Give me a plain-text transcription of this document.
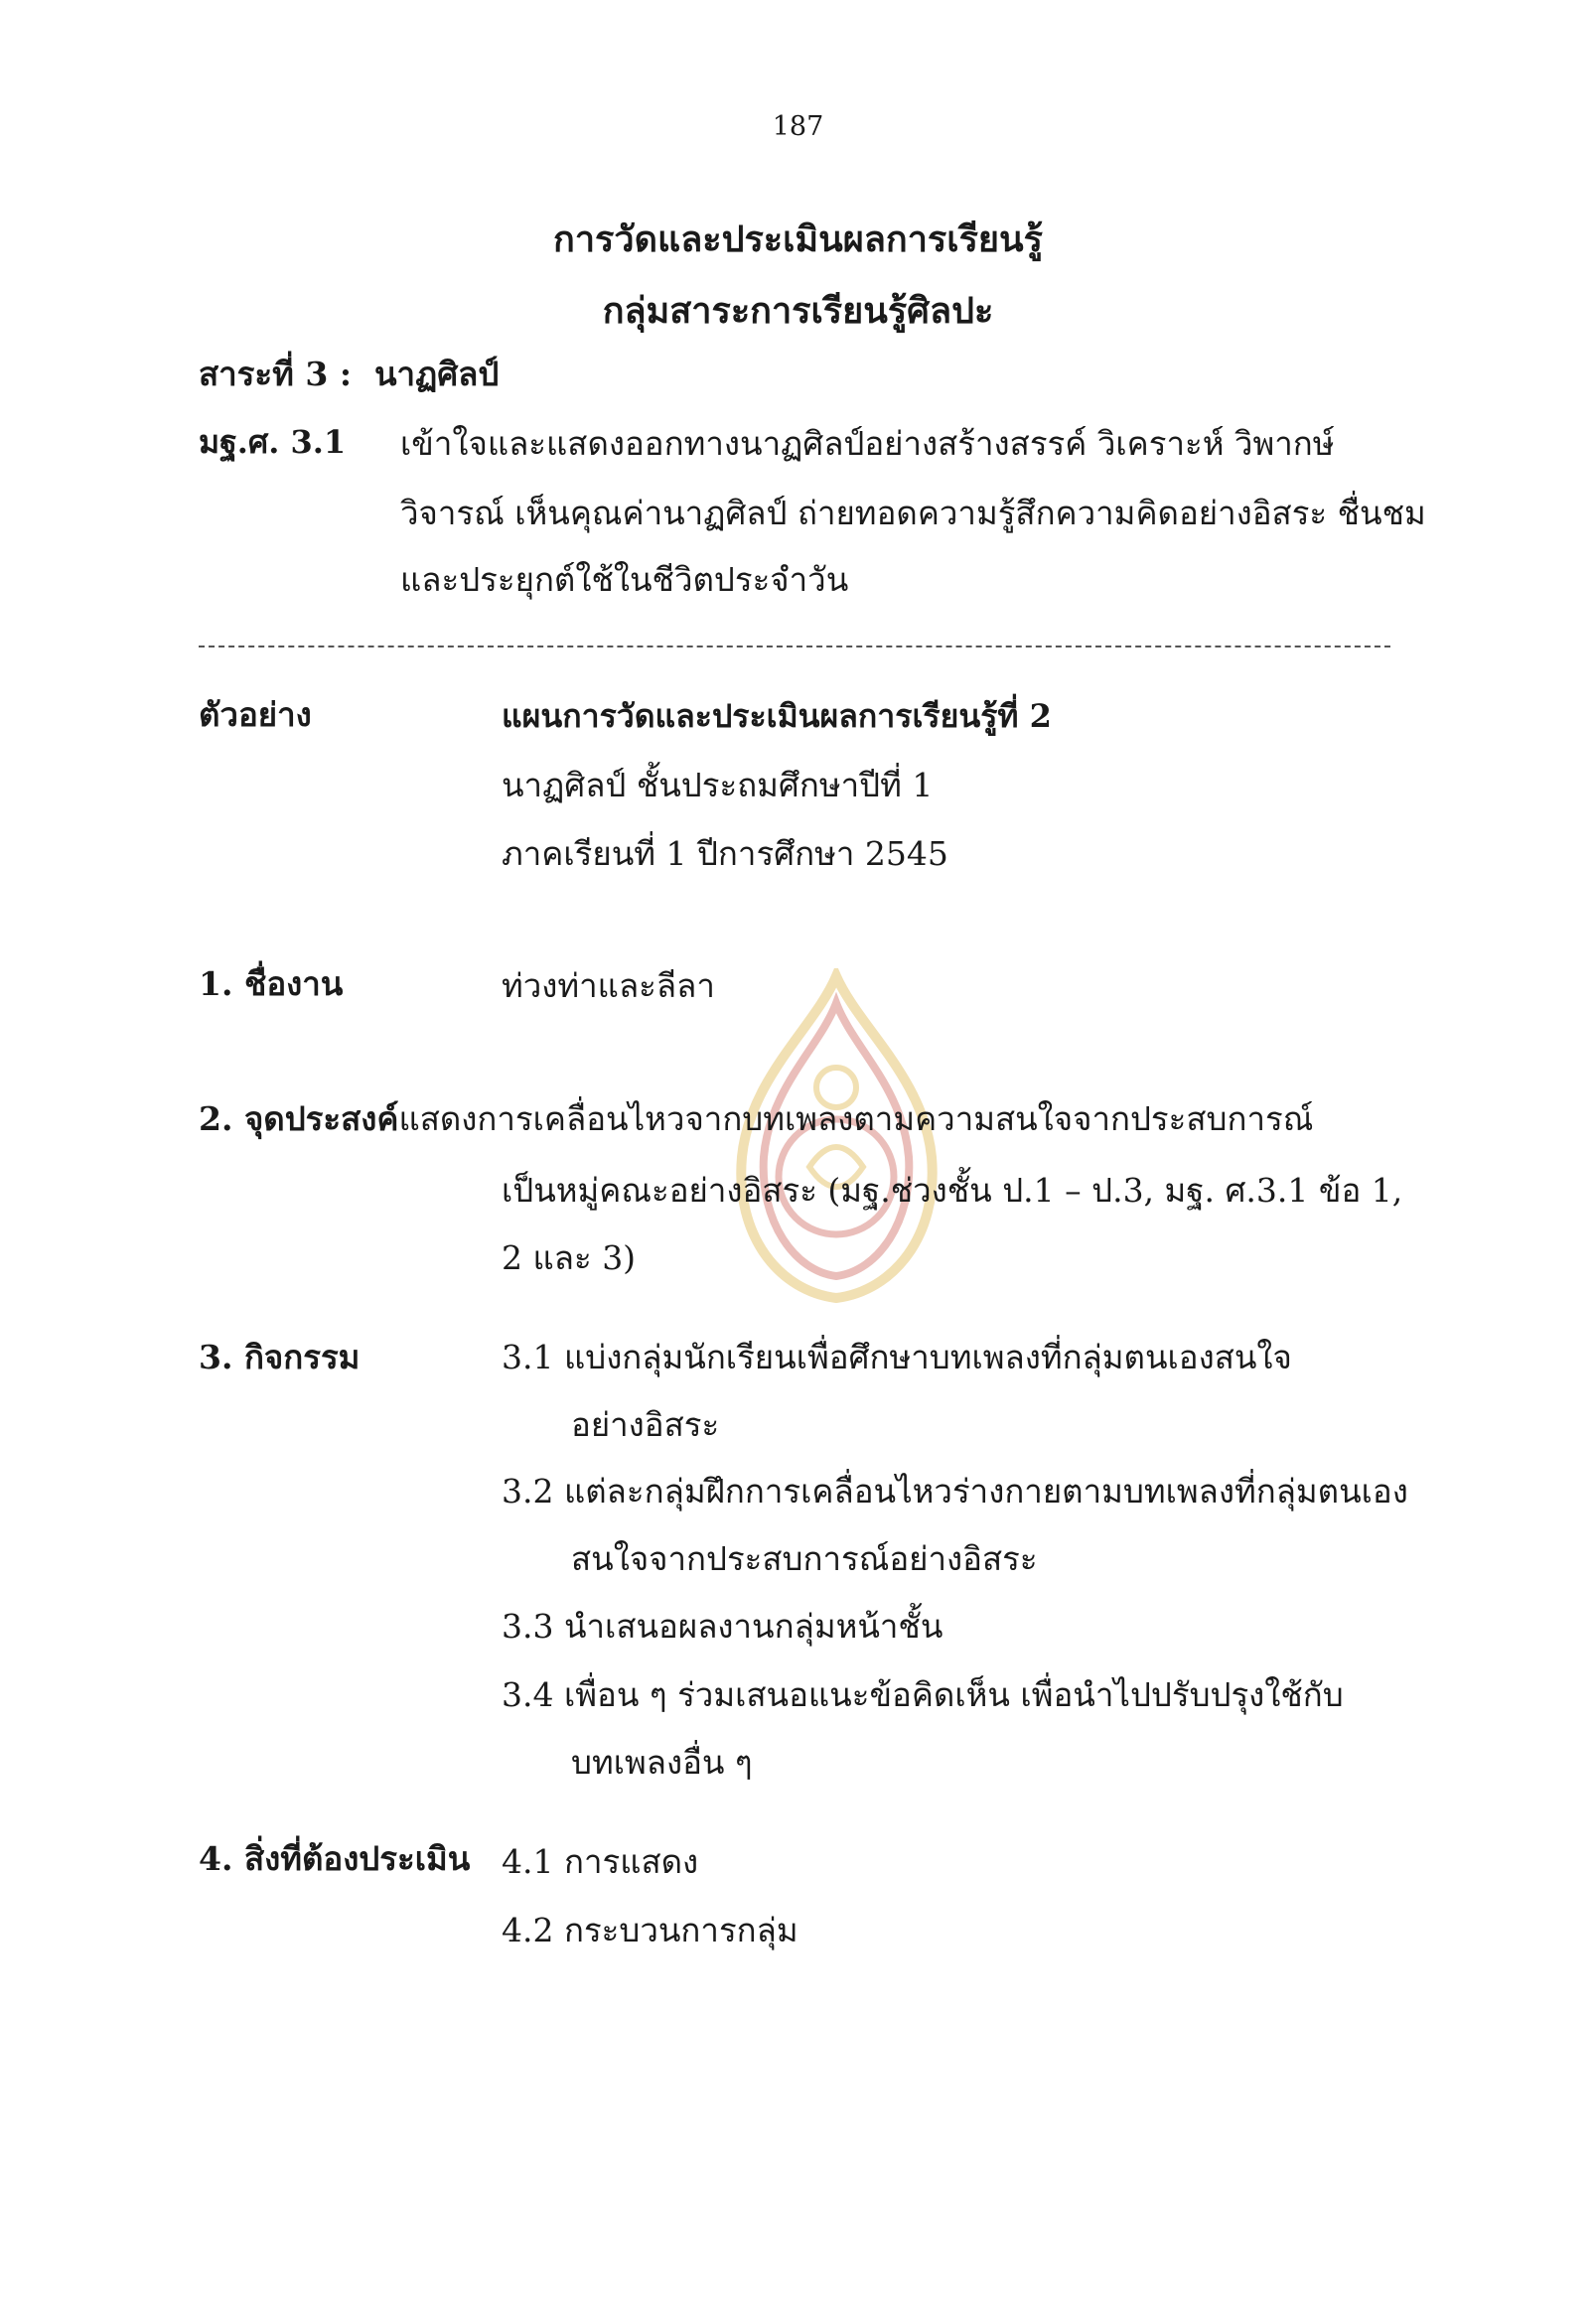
187
การวัดและประเมินผลการเรียนรู้
กลุ่มสาระการเรียนรู้ศิลปะ
สาระที่ 3 : นาฏศิลป์
มฐ.ศ. 3.1 เข้าใจและแสดงออกทางนาฏศิลป์อย่างสร้างสรรค์ วิเคราะห์ วิพากษ์
วิจารณ์ เห็นคุณค่านาฏศิลป์ ถ่ายทอดความรู้สึกความคิดอย่างอิสระ ชื่นชม
และประยุกต์ใช้ในชีวิตประจำวัน
ตัวอย่าง	แผนการวัดและประเมินผลการเรียนรู้ที่ 2
นาฏศิลป์ ชั้นประถมศึกษาปีที่ 1
ภาคเรียนที่ 1 ปีการศึกษา 2545
1. ชื่องาน	ท่วงท่าและลีลา
2. จุดประสงค์แสดงการเคลื่อนไหวจากบทเพลงตามความสนใจจากประสบการณ์
เป็นหมู่คณะอย่างอิสระ (มฐ.ช่วงชั้น ป.1 – ป.3, มฐ. ศ.3.1 ข้อ 1,
2 และ 3)
3. กิจกรรม	3.1 แบ่งกลุ่มนักเรียนเพื่อศึกษาบทเพลงที่กลุ่มตนเองสนใจ
อย่างอิสระ
3.2 แต่ละกลุ่มฝึกการเคลื่อนไหวร่างกายตามบทเพลงที่กลุ่มตนเอง
สนใจจากประสบการณ์อย่างอิสระ
3.3 นำเสนอผลงานกลุ่มหน้าชั้น
3.4 เพื่อน ๆ ร่วมเสนอแนะข้อคิดเห็น เพื่อนำไปปรับปรุงใช้กับ
บทเพลงอื่น ๆ
4. สิ่งที่ต้องประเมิน 4.1 การแสดง
4.2 กระบวนการกลุ่ม
